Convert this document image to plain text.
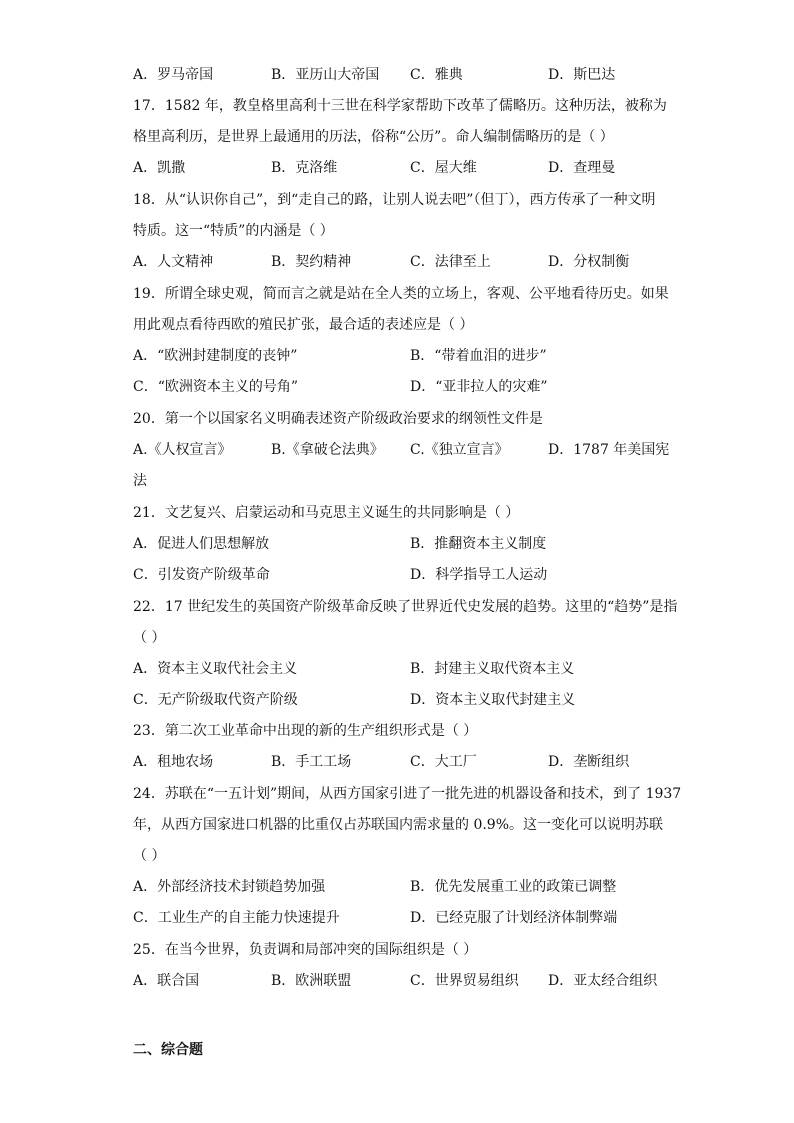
A．罗马帝国	B．亚历山大帝国 C．雅典	D．斯巴达
17．1582 年，教皇格里高利十三世在科学家帮助下改革了儒略历。这种历法，被称为
格里高利历，是世界上最通用的历法，俗称“公历”。命人编制儒略历的是（ ）
A．凯撒	B．克洛维	C．屋大维	D．查理曼
18．从“认识你自己”，到“走自己的路，让别人说去吧”（但丁），西方传承了一种文明
特质。这一“特质”的内涵是（ ）
A．人文精神	B．契约精神	C．法律至上	D．分权制衡
19．所谓全球史观，简而言之就是站在全人类的立场上，客观、公平地看待历史。如果
用此观点看待西欧的殖民扩张，最合适的表述应是（ ）
A．“欧洲封建制度的丧钟”	B．“带着血泪的进步”
C．“欧洲资本主义的号角”	D．“亚非拉人的灾难”
20．第一个以国家名义明确表述资产阶级政治要求的纲领性文件是
A.《人权宣言》	B.《拿破仑法典》 C.《独立宣言》	D．1787 年美国宪
法
21．文艺复兴、启蒙运动和马克思主义诞生的共同影响是（ ）
A．促进人们思想解放	B．推翻资本主义制度
C．引发资产阶级革命	D．科学指导工人运动
22．17 世纪发生的英国资产阶级革命反映了世界近代史发展的趋势。这里的“趋势”是指
（ ）
A．资本主义取代社会主义	B．封建主义取代资本主义
C．无产阶级取代资产阶级	D．资本主义取代封建主义
23．第二次工业革命中出现的新的生产组织形式是（ ）
A．租地农场	B．手工工场	C．大工厂	D．垄断组织
24．苏联在“一五计划”期间，从西方国家引进了一批先进的机器设备和技术，到了 1937
年，从西方国家进口机器的比重仅占苏联国内需求量的 0.9%。这一变化可以说明苏联
（ ）
A．外部经济技术封锁趋势加强	B．优先发展重工业的政策已调整
C．工业生产的自主能力快速提升	D．已经克服了计划经济体制弊端
25．在当今世界，负责调和局部冲突的国际组织是（ ）
A．联合国	B．欧洲联盟	C．世界贸易组织 D．亚太经合组织
二、综合题
